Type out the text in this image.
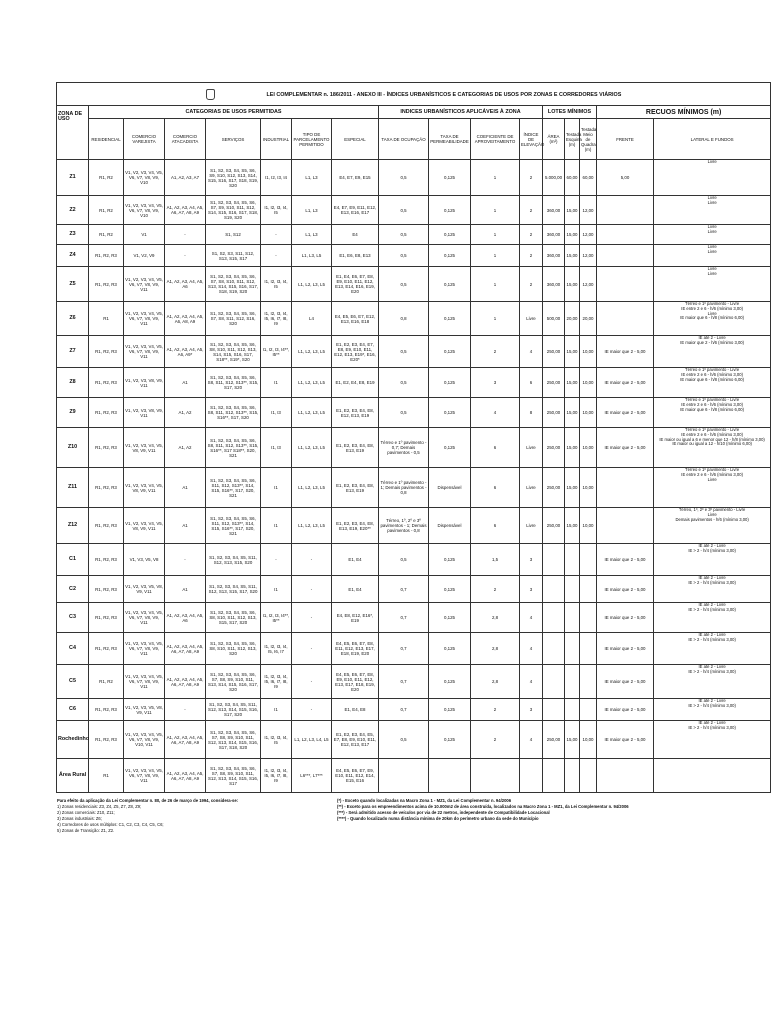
LEI COMPLEMENTAR n. 186/2011 - ANEXO III - ÍNDICES URBANÍSTICOS E CATEGORIAS DE USOS POR ZONAS E CORREDORES VIÁRIOS																
ZONA DE USO	CATEGORIAS DE USOS PERMITIDAS							INDICES URBANÍSTICOS APLICÁVEIS À ZONA				LOTES MÍNIMOS			RECUOS MÍNIMOS (m)	
	RESIDENCIAL	COMERCIO VAREJISTA	COMERCIO ATACADISTA	SERVIÇOS	INDUSTRIAL	TIPO DE PARCELAMENTO PERMITIDO	ESPECIAL	TAXA DE OCUPAÇÃO	TAXA DE PERMEABILIDADE	COEFICIENTE DE APROVEITAMENTO	ÍNDICE DE ELEVAÇÃO	ÁREA (m²)	Testada Esquina (m)	Testada Meio de Quadra (m)	FRENTE	LATERAL E FUNDOS
Z1	R1, R2	V1, V2, V3, V4, V5, V6, V7, V8, V9, V10	A1, A2, A3, A7	S1, S2, S3, S4, S5, S6, S9, S10, S12, S13, S14, S15, S16, S17, S18, S19, S20	I1, I2, I3, I4	L1, L3	E4, E7, E9, E15	0,5	0,125	1	2	5.000,00	60,00	60,00	5,00	Livre

Z2	R1, R2	V1, V2, V3, V4, V5, V6, V7, V8, V9, V10	A1, A2, A3, A4, A5, A6, A7, A8, A9	S1, S2, S3, S4, S5, S6, S7, S9, S10, S11, S12, S14, S15, S16, S17, S18, S19, S20	I1, I2, I3, I4, I5	L1, L3	E4, E7, E9, E11, E12, E13, E16, E17	0,5	0,125	1	2	360,00	15,00	12,00		Livre
Livre

Z3	R1, R2	V1	-	S1, S12	-	L1, L3	E4	0,5	0,125	1	2	360,00	15,00	12,00		Livre
Livre

Z4	R1, R2, R3	V1, V2, V9	-	S1, S2, S3, S11, S12, S13, S15, S17	-	L1, L3, L5	E1, E6, E8, E13	0,5	0,125	1	2	360,00	15,00	12,00		Livre
Livre

Z5	R1, R2, R3	V1, V2, V3, V4, V5, V6, V7, V8, V9, V11	A1, A2, A3, A4, A5, A6	S1, S2, S3, S4, S5, S6, S7, S8, S10, S11, S12, S13, S14, S15, S16, S17, S18, S19, S20	I1, I2, I3, I4, I5	L1, L2, L3, L5	E1, E4, E6, E7, E8, E9, E10, E11, E12, E13, E14, E16, E19, E20	0,5	0,125	1	2	360,00	15,00	12,00		Livre
Livre

Z6	R1	V1, V2, V3, V4, V5, V6, V7, V8, V9, V11	A1, A2, A3, A4, A5, A6, A8, A9	S1, S2, S3, S4, S5, S6, S7, S8, S11, S12, S16, S20	I1, I2, I3, I4, I5, I6, I7, I8, I9	L4	E4, E5, E6, E7, E12, E13, E16, E18	0,8	0,125	1	Livre	500,00	20,00	20,00		Térreo e 1º pavimento - Livre
IE entre 2 e 6 - h/6 (mínimo 3,00)
Livre
IE maior que 6 - h/8 (mínimo 6,00)

Z7	R1, R2, R3	V1, V2, V3, V4, V5, V6, V7, V8, V9, V11	A1, A2, A3, A4, A5, A6, A9*	S1, S2, S3, S4, S5, S6, S8, S10, S11, S12, S13, S14, S15, S16, S17, S18**, S19*, S20	I1, I2, I3, I4**, I5**	L1, L2, L3, L5	E1, E2, E3, E4, E7, E8, E9, E10, E11, E12, E13, E19*, E16, E20*	0,5	0,125	2	4	250,00	15,00	10,00	IE maior que 2 - 5,00	IE até 2 - Livre
IE maior que 2 - h/6 (mínimo 3,00)

Z8	R1, R2, R3	V1, V2, V3, V8, V9, V11	A1	S1, S2, S3, S4, S5, S6, S8, S11, S12, S13**, S15, S17, S20	I1	L1, L2, L3, L5	E1, E2, E4, E8, E19	0,5	0,125	3	6	250,00	15,00	10,00	IE maior que 2 - 5,00	Térreo e 1º pavimento - Livre
IE entre 2 e 6 - h/6 (mínimo 3,00)
IE maior que 6 - h/8 (mínimo 6,00)

Z9	R1, R2, R3	V1, V2, V3, V8, V9, V11	A1, A2	S1, S2, S3, S4, S5, S6, S8, S11, S12, S13**, S15, S16**, S17, S20	I1, I3	L1, L2, L3, L5	E1, E2, E3, E4, E8, E12, E13, E19	0,5	0,125	4	8	250,00	15,00	10,00	IE maior que 2 - 5,00	Térreo e 1º pavimento - Livre
IE entre 2 e 6 - h/6 (mínimo 3,00)
IE maior que 6 - h/8 (mínimo 6,00)

Z10	R1, R2, R3	V1, V2, V3, V4, V5, V8, V9, V11	A1, A2	S1, S2, S3, S4, S5, S6, S8, S11, S12, S13**, S15, S16**, S17 S18**, S20, S21	I1, I3	L1, L2, L3, L5	E1, E2, E3, E4, E8, E13, E19	Térreo e 1º pavimento - 0,7; Demais pavimentos - 0,5	0,125	6	Livre	250,00	15,00	10,00	IE maior que 2 - 5,00	Térreo e 1º pavimento - Livre
IE entre 2 e 6 - h/6 (mínimo 3,00)
IE maior ou igual a 6 e menor que 12 - h/8 (mínimo 3,00)
IE maior ou igual a 12 - h/10 (mínimo 6,00)

Z11	R1, R2, R3	V1, V2, V3, V4, V5, V8, V9, V11	A1	S1, S2, S3, S4, S5, S6, S11, S12, S13**, S14, S15, S16**, S17, S20, S21	I1	L1, L2, L3, L5	E1, E2, E3, E4, E8, E13, E19	Térreo e 1º pavimento - 1; Demais pavimentos - 0,8	Dispensável	6	Livre	250,00	15,00	10,00		Térreo e 1º pavimento - Livre
IE entre 2 e 6 - h/6 (mínimo 3,00)
Livre

Z12	R1, R2, R3	V1, V2, V3, V4, V5, V8, V9, V11	A1	S1, S2, S3, S4, S5, S6, S11, S12, S13**, S14, S15, S16**, S17, S20, S21	I1	L1, L2, L3, L5	E1, E2, E3, E4, E8, E13, E19, E20**	Térreo, 1º, 2º e 3º pavimentos - 1; Demais pavimentos - 0,8	Dispensável	6	Livre	250,00	15,00	10,00		Térreo, 1º, 2º e 3º pavimento - Livre
Livre
Demais pavimentos - h/6 (mínimo 3,00)

C1	R1, R2, R3	V1, V3, V5, V8	-	S1, S2, S3, S4, S5, S11, S12, S13, S15, S20	-	-	E1, E4	0,5	0,125	1,5	3				IE maior que 2 - 5,00	IE até 2 - Livre
IE > 2 - h/4 (mínimo 3,00)

C2	R1, R2, R3	V1, V2, V3, V5, V8, V9, V11	A1	S1, S2, S3, S4, S5, S11, S12, S13, S15, S17, S20	I1	-	E1, E4	0,7	0,125	2	3				IE maior que 2 - 5,00	IE até 2 - Livre
IE > 2 - h/4 (mínimo 3,00)

C3	R1, R2, R3	V1, V2, V3, V4, V5, V6, V7, V8, V9, V11	A1, A2, A3, A4, A5, A6	S1, S2, S3, S4, S5, S6, S8, S10, S11, S12, S13, S15, S17, S20	I1, I2, I3, I4**, I5**	-	E4, E8, E12, E16*, E19	0,7	0,125	2,8	4				IE maior que 2 - 5,00	IE até 2 - Livre
IE > 2 - h/4 (mínimo 3,00)

C4	R1, R2, R3	V1, V2, V3, V4, V5, V6, V7, V8, V9, V11	A1, A2, A3, A4, A5, A6, A7, A8, A9	S1, S2, S3, S4, S5, S6, S8, S10, S11, S12, S13, S20	I1, I2, I3, I4, I5, I6, I7	-	E4, E5, E6, E7, E8, E11, E12, E13, E17, E18, E19, E20	0,7	0,125	2,8	4				IE maior que 2 - 5,00	IE até 2 - Livre
IE > 2 - h/4 (mínimo 3,00)

C5	R1, R2	V1, V2, V3, V4, V5, V6, V7, V8, V9, V11	A1, A2, A3, A4, A5, A6, A7, A8, A9	S1, S2, S3, S4, S5, S6, S7, S8, S9, S10, S11, S13, S14, S15, S16, S17, S20	I1, I2, I3, I4, I5, I6, I7, I8, I9	-	E4, E5, E6, E7, E8, E9, E10, E11, E12, E13, E17, E18, E19, E20	0,7	0,125	2,8	4				IE maior que 2 - 5,00	IE até 2 - Livre
IE > 2 - h/4 (mínimo 3,00)

C6	R1, R2, R3	V1, V2, V3, V5, V8, V9, V11	-	S1, S2, S3, S4, S5, S11, S12, S13, S14, S15, S16, S17, S20	I1	-	E1, E4, E8	0,7	0,125	2	3				IE maior que 2 - 5,00	IE até 2 - Livre
IE > 2 - h/4 (mínimo 3,00)

Rochedinho	R1, R2, R3	V1, V2, V3, V4, V5, V6, V7, V8, V9, V10, V11	A1, A2, A3, A4, A5, A6, A7, A8, A9	S1, S2, S3, S4, S5, S6, S7, S8, S9, S10, S11, S12, S13, S14, S15, S16, S17, S18, S20	I1, I2, I3, I4, I5	L1, L2, L3, L4, L5	E1, E2, E3, E4, E5, E7, E8, E9, E10, E11, E12, E13, E17	0,5	0,125	2	4	250,00	15,00	10,00	IE maior que 2 - 5,00	IE até 2 - Livre
IE > 2 - h/4 (mínimo 3,00)

Área Rural	R1	V1, V2, V3, V4, V5, V6, V7, V8, V9, V11	A1, A2, A3, A4, A5, A6, A7, A8, A9	S1, S2, S3, S4, S5, S6, S7, S8, S9, S10, S11, S12, S13, S14, S15, S16, S17	I1, I2, I3, I4, I5, I6, I7, I8, I9	L6***, L7***	E4, E5, E6, E7, E9, E10, E11, E12, E14, E15, E16									
Para efeito da aplicação da Lei Complementar n. 80, de 26 de março de 1994, considera-se:
1) Zonas residenciais: Z3, Z4, Z5, Z7, Z8, Z9;
2) Zonas comerciais: Z10, Z11;
3) Zonas industriais: Z6;
4) Corredores de usos múltiplos: C1, C2, C3, C4, C5, C6;
5) Zonas de Transição: Z1, Z2.

(*) - Exceto quando localizadas na Macro Zona 1 - MZ1, da Lei Complementar n. 94/2006
(**) - Exceto para os empreendimentos acima de 10.000m2 de área construída, localizados na Macro Zona 1 - MZ1, da Lei Complementar n. 94/2006
(***) - Será admitido acesso de veículos por via de 22 metros, independente de Compatibilidade Locacional
(****) - Quando localizado numa distância mínima de 20km do perímetro urbano da sede do Município
